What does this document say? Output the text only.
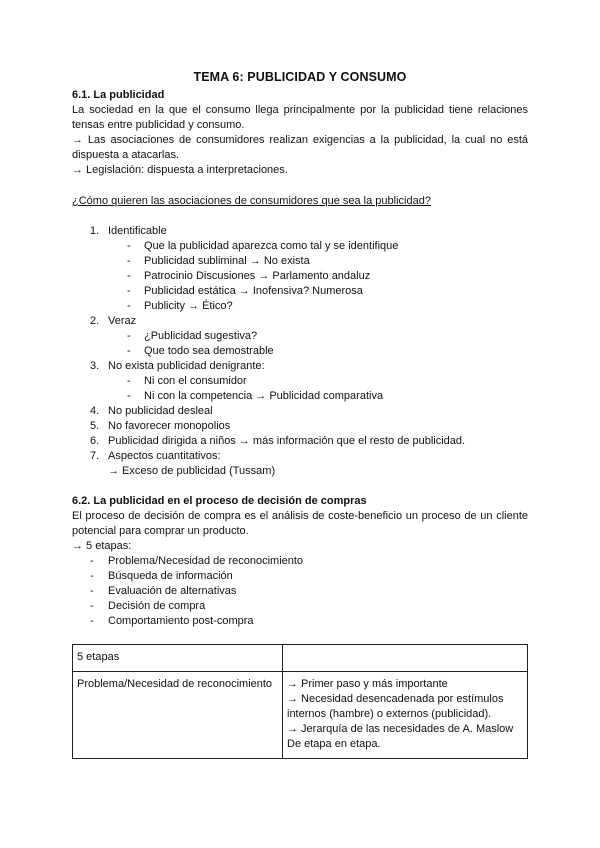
TEMA 6: PUBLICIDAD Y CONSUMO
6.1. La publicidad

La sociedad en la que el consumo llega principalmente por la publicidad tiene relaciones tensas entre publicidad y consumo.

→ Las asociaciones de consumidores realizan exigencias a la publicidad, la cual no está dispuesta a atacarlas.

→ Legislación: dispuesta a interpretaciones.

¿Cómo quieren las asociaciones de consumidores que sea la publicidad?

1. Identificable
- Que la publicidad aparezca como tal y se identifique
- Publicidad subliminal → No exista
- Patrocinio Discusiones → Parlamento andaluz
- Publicidad estática → Inofensiva? Numerosa
- Publicity → Ético?
2. Veraz
- ¿Publicidad sugestiva?
- Que todo sea demostrable
3. No exista publicidad denigrante:
- Ni con el consumidor
- Ni con la competencia → Publicidad comparativa
4. No publicidad desleal
5. No favorecer monopolios
6. Publicidad dirigida a niños → más información que el resto de publicidad.
7. Aspectos cuantitativos:
→ Exceso de publicidad (Tussam)
6.2. La publicidad en el proceso de decisión de compras

El proceso de decisión de compra es el análisis de coste-beneficio un proceso de un cliente potencial para comprar un producto.

→ 5 etapas:

- Problema/Necesidad de reconocimiento
- Búsqueda de información
- Evaluación de alternativas
- Decisión de compra
- Comportamiento post-compra
5 etapas	
Problema/Necesidad de reconocimiento	→ Primer paso y más importante
→ Necesidad desencadenada por estímulos internos (hambre) o externos (publicidad).
→ Jerarquía de las necesidades de A. Maslow
De etapa en etapa.
